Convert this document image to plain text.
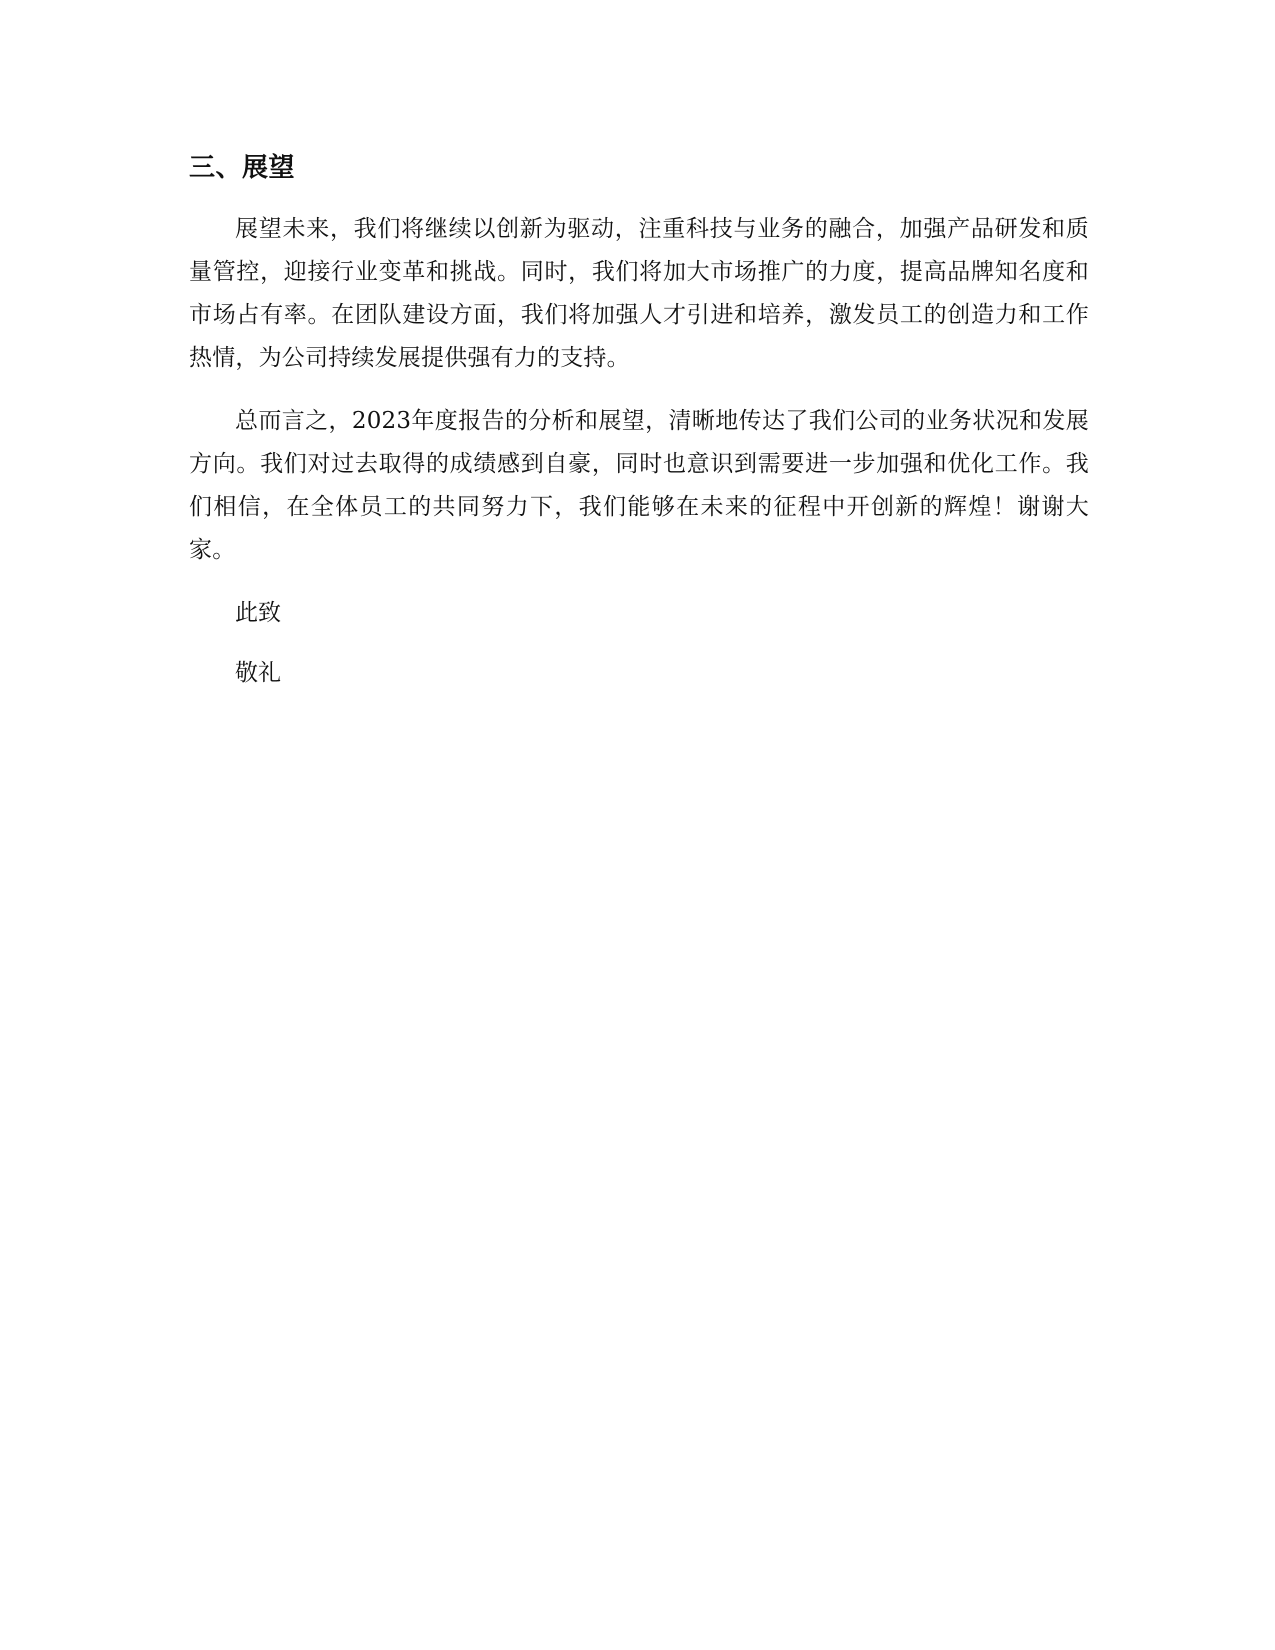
三、展望

展望未来，我们将继续以创新为驱动，注重科技与业务的融合，加强产品研发和质量管控，迎接行业变革和挑战。同时，我们将加大市场推广的力度，提高品牌知名度和市场占有率。在团队建设方面，我们将加强人才引进和培养，激发员工的创造力和工作热情，为公司持续发展提供强有力的支持。

总而言之，2023年度报告的分析和展望，清晰地传达了我们公司的业务状况和发展方向。我们对过去取得的成绩感到自豪，同时也意识到需要进一步加强和优化工作。我们相信，在全体员工的共同努力下，我们能够在未来的征程中开创新的辉煌！谢谢大家。

此致

敬礼
